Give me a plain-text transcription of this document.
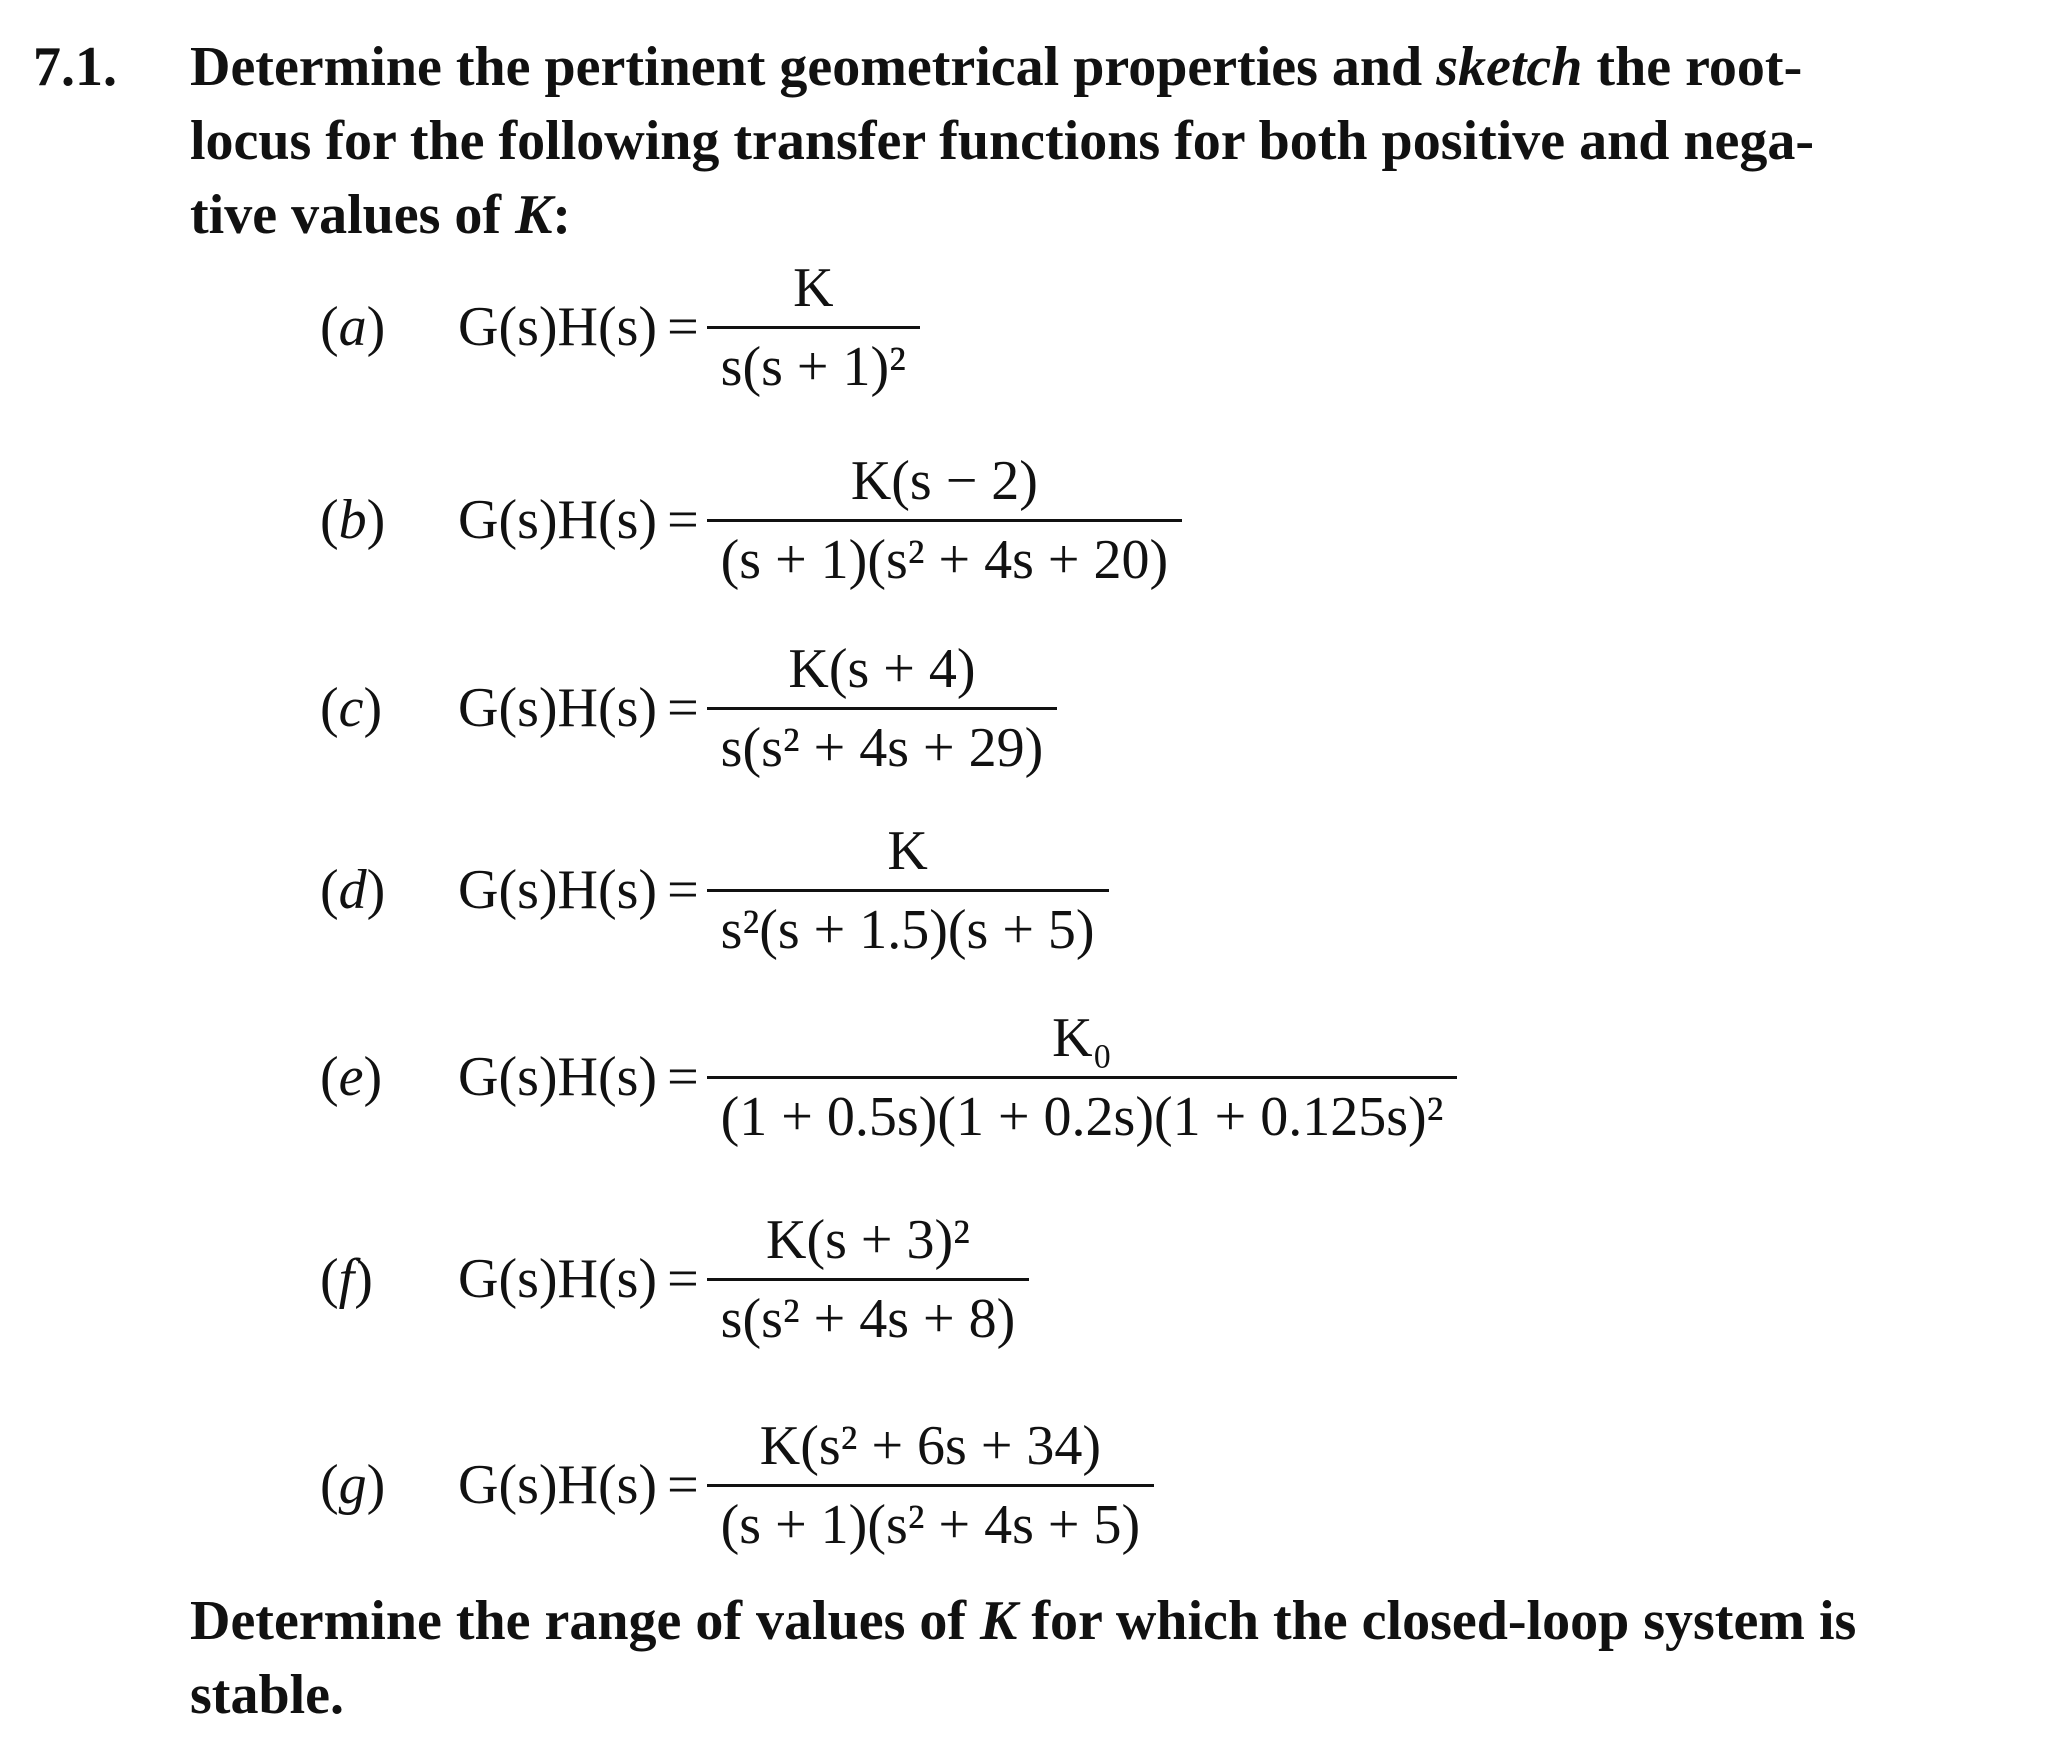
7.1. Determine the pertinent geometrical properties and sketch the root-

locus for the following transfer functions for both positive and nega-

tive values of K:

(a)	$G(s)H(s) = \frac{K}{\text{s(s + 1)²}}$
(b)	$G(s)H(s) = \frac{K(s - 2)}{\text{(s + 1)(s² + 4s + 20)}}$
(c)	$G(s)H(s) = \frac{K(s + 4)}{\text{s(s² + 4s + 29)}}$
(d)	$G(s)H(s) = \frac{K}{\text{s²(s + 1.5)(s + 5)}}$
(e)	$G(s)H(s) = \frac{\text{K₀}}{\text{(1 + 0.5s)(1 + 0.2s)(1 + 0.125s)²}}$
(f)	$G(s)H(s) = \frac{\text{K(s + 3)²}}{\text{s(s² + 4s + 8)}}$
(g)	$G(s)H(s) = \frac{\text{K(s² + 6s + 34)}}{\text{(s + 1)(s² + 4s + 5)}}$

Determine the range of values of K for which the closed-loop system is

stable.
